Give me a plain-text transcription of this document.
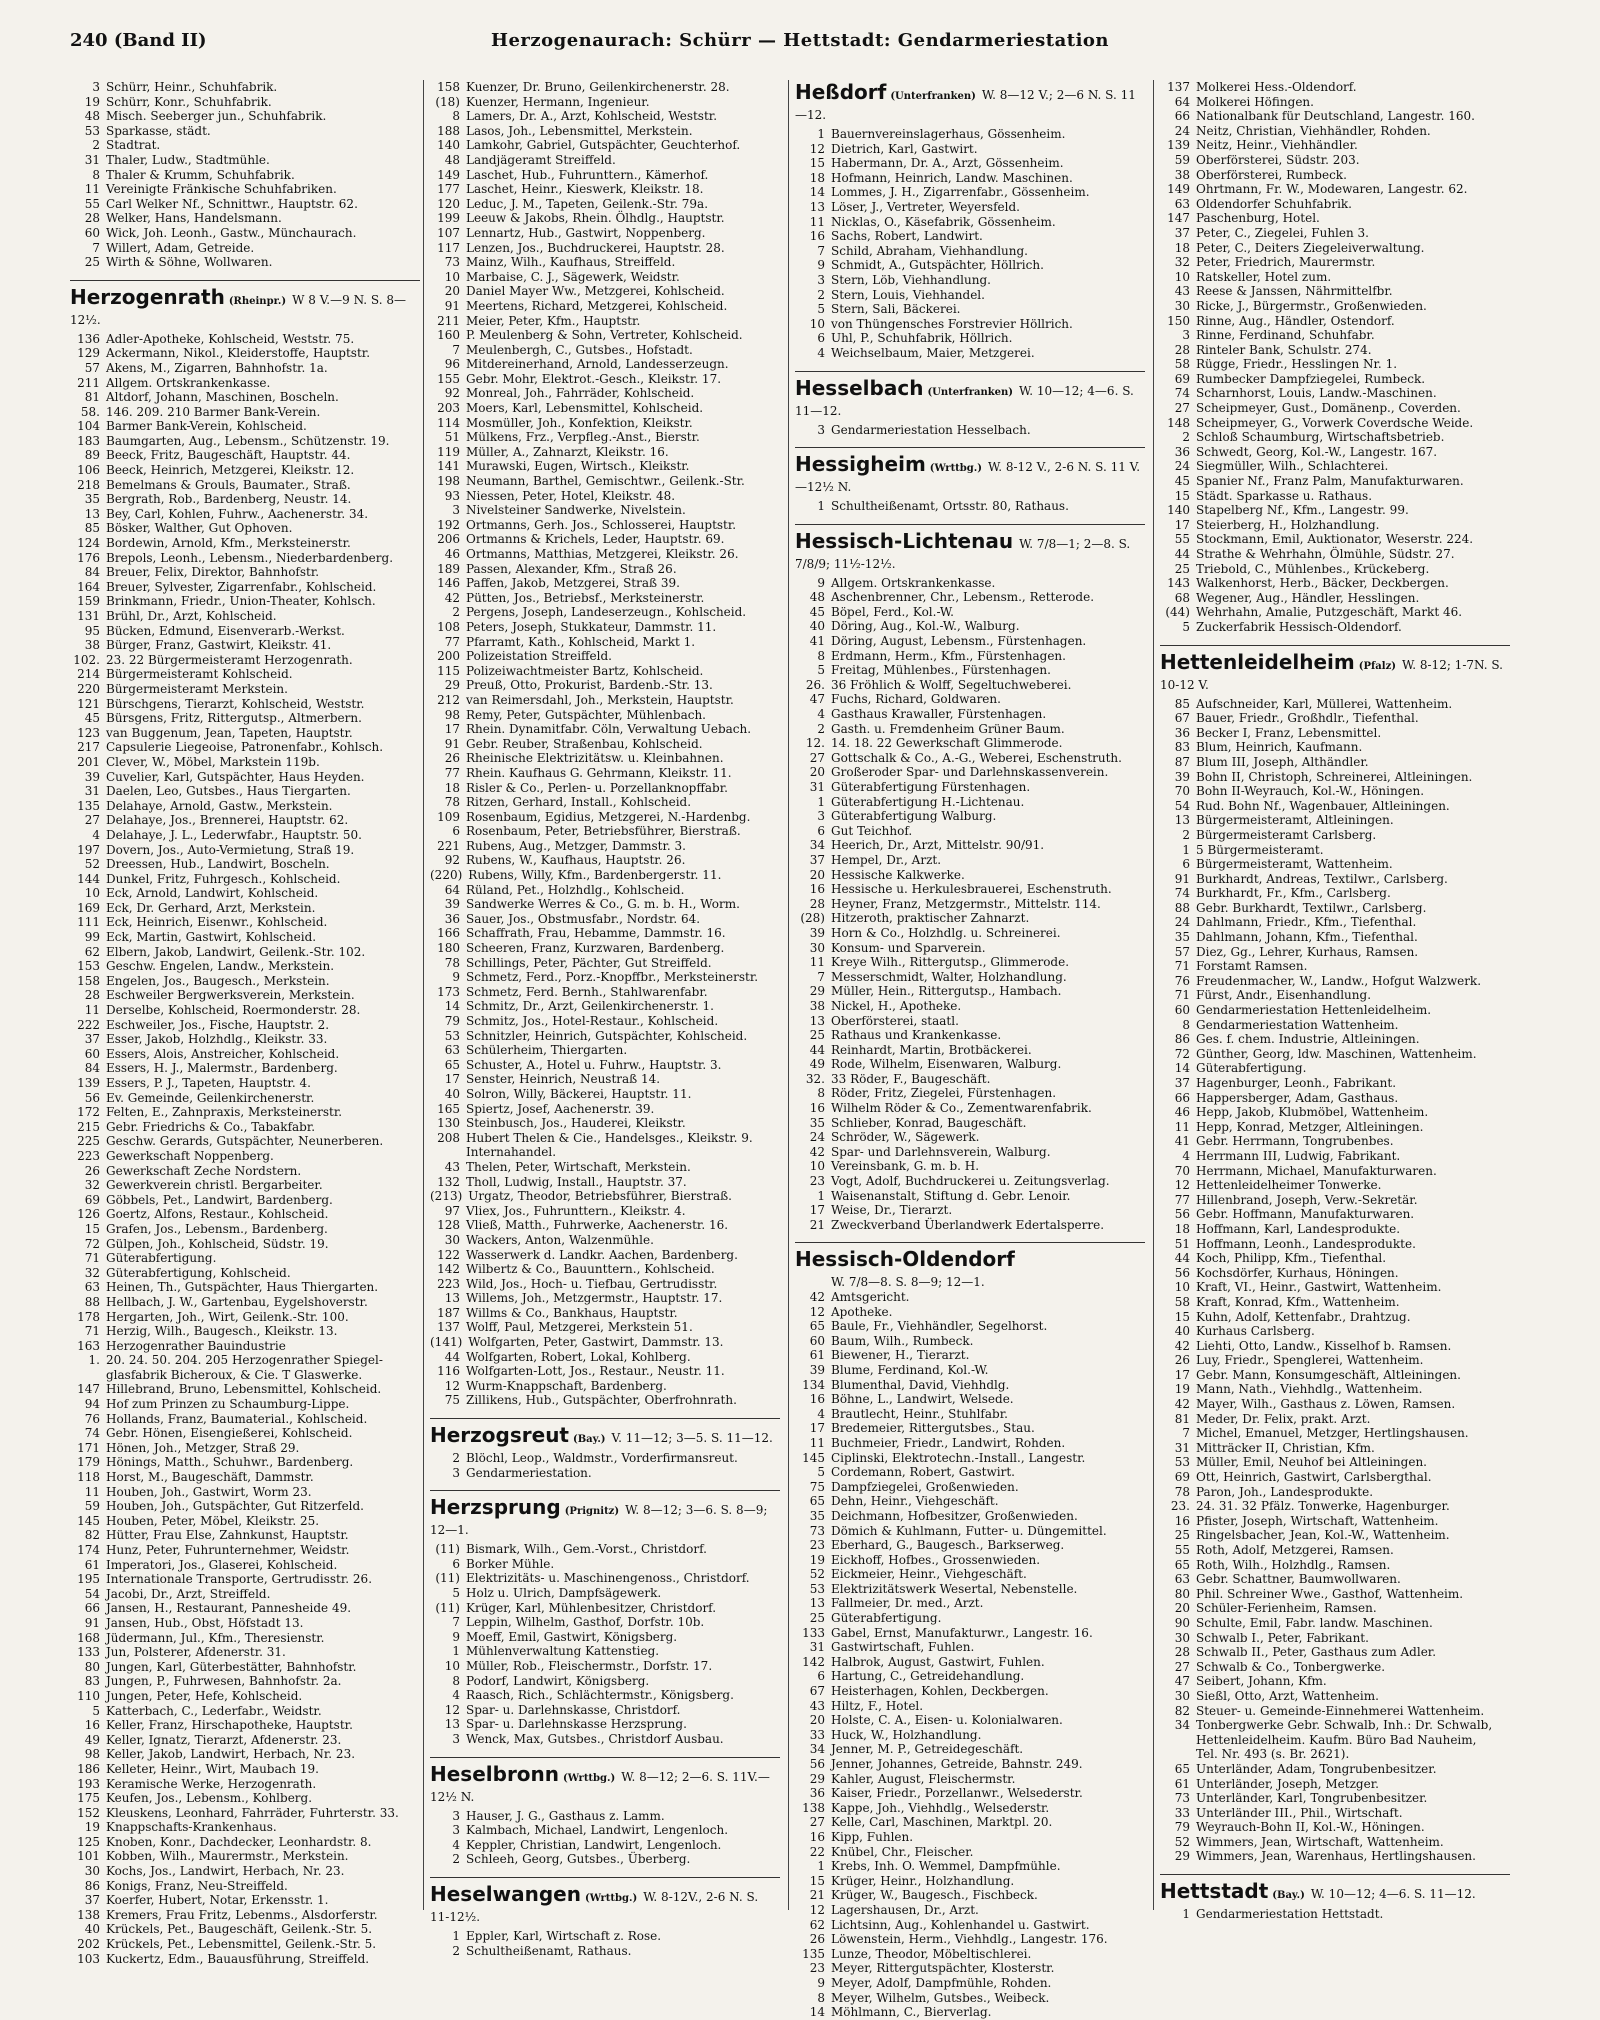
240 (Band II)	Herzogenaurach: Schürr — Hettstadt: Gendarmeriestation
3 Schürr, Heinr., Schuhfabrik.
19 Schürr, Konr., Schuhfabrik.
48 Misch. Seeberger jun., Schuhfabrik.
53 Sparkasse, städt.
2 Stadtrat.
31 Thaler, Ludw., Stadtmühle.
8 Thaler & Krumm, Schuhfabrik.
11 Vereinigte Fränkische Schuhfabriken.
55 Carl Welker Nf., Schnittwr., Hauptstr. 62.
28 Welker, Hans, Handelsmann.
60 Wick, Joh. Leonh., Gastw., Münchaurach.
7 Willert, Adam, Getreide.
25 Wirth & Söhne, Wollwaren.
Herzogenrath (Rheinpr.) W 8 V.—9 N. S. 8—12½.
136 Adler-Apotheke, Kohlscheid, Weststr. 75.
129 Ackermann, Nikol., Kleiderstoffe, Hauptstr.
57 Akens, M., Zigarren, Bahnhofstr. 1a.
211 Allgem. Ortskrankenkasse.
81 Altdorf, Johann, Maschinen, Boscheln.
58. 146. 209. 210 Barmer Bank-Verein.
104 Barmer Bank-Verein, Kohlscheid.
183 Baumgarten, Aug., Lebensm., Schützenstr. 19.
89 Beeck, Fritz, Baugeschäft, Hauptstr. 44.
106 Beeck, Heinrich, Metzgerei, Kleikstr. 12.
218 Bemelmans & Grouls, Baumater., Straß.
35 Bergrath, Rob., Bardenberg, Neustr. 14.
13 Bey, Carl, Kohlen, Fuhrw., Aachenerstr. 34.
85 Bösker, Walther, Gut Ophoven.
124 Bordewin, Arnold, Kfm., Merksteinerstr.
176 Brepols, Leonh., Lebensm., Niederbardenberg.
84 Breuer, Felix, Direktor, Bahnhofstr.
164 Breuer, Sylvester, Zigarrenfabr., Kohlscheid.
159 Brinkmann, Friedr., Union-Theater, Kohlsch.
131 Brühl, Dr., Arzt, Kohlscheid.
95 Bücken, Edmund, Eisenverarb.-Werkst.
38 Bürger, Franz, Gastwirt, Kleikstr. 41.
102. 23. 22 Bürgermeisteramt Herzogenrath.
214 Bürgermeisteramt Kohlscheid.
220 Bürgermeisteramt Merkstein.
121 Bürschgens, Tierarzt, Kohlscheid, Weststr.
45 Bürsgens, Fritz, Rittergutsp., Altmerbern.
123 van Buggenum, Jean, Tapeten, Hauptstr.
217 Capsulerie Liegeoise, Patronenfabr., Kohlsch.
201 Clever, W., Möbel, Markstein 119b.
39 Cuvelier, Karl, Gutspächter, Haus Heyden.
31 Daelen, Leo, Gutsbes., Haus Tiergarten.
135 Delahaye, Arnold, Gastw., Merkstein.
27 Delahaye, Jos., Brennerei, Hauptstr. 62.
4 Delahaye, J. L., Lederwfabr., Hauptstr. 50.
197 Dovern, Jos., Auto-Vermietung, Straß 19.
52 Dreessen, Hub., Landwirt, Boscheln.
144 Dunkel, Fritz, Fuhrgesch., Kohlscheid.
10 Eck, Arnold, Landwirt, Kohlscheid.
169 Eck, Dr. Gerhard, Arzt, Merkstein.
111 Eck, Heinrich, Eisenwr., Kohlscheid.
99 Eck, Martin, Gastwirt, Kohlscheid.
62 Elbern, Jakob, Landwirt, Geilenk.-Str. 102.
153 Geschw. Engelen, Landw., Merkstein.
158 Engelen, Jos., Baugesch., Merkstein.
28 Eschweiler Bergwerksverein, Merkstein.
11 Derselbe, Kohlscheid, Roermonderstr. 28.
222 Eschweiler, Jos., Fische, Hauptstr. 2.
37 Esser, Jakob, Holzhdlg., Kleikstr. 33.
60 Essers, Alois, Anstreicher, Kohlscheid.
84 Essers, H. J., Malermstr., Bardenberg.
139 Essers, P. J., Tapeten, Hauptstr. 4.
56 Ev. Gemeinde, Geilenkirchenerstr.
172 Felten, E., Zahnpraxis, Merksteinerstr.
215 Gebr. Friedrichs & Co., Tabakfabr.
225 Geschw. Gerards, Gutspächter, Neunerberen.
223 Gewerkschaft Noppenberg.
26 Gewerkschaft Zeche Nordstern.
32 Gewerkverein christl. Bergarbeiter.
69 Göbbels, Pet., Landwirt, Bardenberg.
126 Goertz, Alfons, Restaur., Kohlscheid.
15 Grafen, Jos., Lebensm., Bardenberg.
72 Gülpen, Joh., Kohlscheid, Südstr. 19.
71 Güterabfertigung.
32 Güterabfertigung, Kohlscheid.
63 Heinen, Th., Gutspächter, Haus Thiergarten.
88 Hellbach, J. W., Gartenbau, Eygelshoverstr.
178 Hergarten, Joh., Wirt, Geilenk.-Str. 100.
71 Herzig, Wilh., Baugesch., Kleikstr. 13.
163 Herzogenrather Bauindustrie
1. 20. 24. 50. 204. 205 Herzogenrather Spiegel-
glasfabrik Bicheroux, & Cie. T Glaswerke.
147 Hillebrand, Bruno, Lebensmittel, Kohlscheid.
94 Hof zum Prinzen zu Schaumburg-Lippe.
76 Hollands, Franz, Baumaterial., Kohlscheid.
74 Gebr. Hönen, Eisengießerei, Kohlscheid.
171 Hönen, Joh., Metzger, Straß 29.
179 Hönings, Matth., Schuhwr., Bardenberg.
118 Horst, M., Baugeschäft, Dammstr.
11 Houben, Joh., Gastwirt, Worm 23.
59 Houben, Joh., Gutspächter, Gut Ritzerfeld.
145 Houben, Peter, Möbel, Kleikstr. 25.
82 Hütter, Frau Else, Zahnkunst, Hauptstr.
174 Hunz, Peter, Fuhrunternehmer, Weidstr.
61 Imperatori, Jos., Glaserei, Kohlscheid.
195 Internationale Transporte, Gertrudisstr. 26.
54 Jacobi, Dr., Arzt, Streiffeld.
66 Jansen, H., Restaurant, Pannesheide 49.
91 Jansen, Hub., Obst, Höfstadt 13.
168 Jüdermann, Jul., Kfm., Theresienstr.
133 Jun, Polsterer, Afdenerstr. 31.
80 Jungen, Karl, Güterbestätter, Bahnhofstr.
83 Jungen, P., Fuhrwesen, Bahnhofstr. 2a.
110 Jungen, Peter, Hefe, Kohlscheid.
5 Katterbach, C., Lederfabr., Weidstr.
16 Keller, Franz, Hirschapotheke, Hauptstr.
49 Keller, Ignatz, Tierarzt, Afdenerstr. 23.
98 Keller, Jakob, Landwirt, Herbach, Nr. 23.
186 Kelleter, Heinr., Wirt, Maubach 19.
193 Keramische Werke, Herzogenrath.
175 Keufen, Jos., Lebensm., Kohlberg.
152 Kleuskens, Leonhard, Fahrräder, Fuhrterstr. 33.
19 Knappschafts-Krankenhaus.
125 Knoben, Konr., Dachdecker, Leonhardstr. 8.
101 Kobben, Wilh., Maurermstr., Merkstein.
30 Kochs, Jos., Landwirt, Herbach, Nr. 23.
86 Konigs, Franz, Neu-Streiffeld.
37 Koerfer, Hubert, Notar, Erkensstr. 1.
138 Kremers, Frau Fritz, Lebenms., Alsdorferstr.
40 Krückels, Pet., Baugeschäft, Geilenk.-Str. 5.
202 Krückels, Pet., Lebensmittel, Geilenk.-Str. 5.
103 Kuckertz, Edm., Bauausführung, Streiffeld.
158 Kuenzer, Dr. Bruno, Geilenkirchenerstr. 28.
(18) Kuenzer, Hermann, Ingenieur.
8 Lamers, Dr. A., Arzt, Kohlscheid, Weststr.
188 Lasos, Joh., Lebensmittel, Merkstein.
140 Lamkohr, Gabriel, Gutspächter, Geuchterhof.
48 Landjägeramt Streiffeld.
149 Laschet, Hub., Fuhrunttern., Kämerhof.
177 Laschet, Heinr., Kieswerk, Kleikstr. 18.
120 Leduc, J. M., Tapeten, Geilenk.-Str. 79a.
199 Leeuw & Jakobs, Rhein. Ölhdlg., Hauptstr.
107 Lennartz, Hub., Gastwirt, Noppenberg.
117 Lenzen, Jos., Buchdruckerei, Hauptstr. 28.
73 Mainz, Wilh., Kaufhaus, Streiffeld.
10 Marbaise, C. J., Sägewerk, Weidstr.
20 Daniel Mayer Ww., Metzgerei, Kohlscheid.
91 Meertens, Richard, Metzgerei, Kohlscheid.
211 Meier, Peter, Kfm., Hauptstr.
160 P. Meulenberg & Sohn, Vertreter, Kohlscheid.
7 Meulenbergh, C., Gutsbes., Hofstadt.
96 Mitdereinerhand, Arnold, Landesserzeugn.
155 Gebr. Mohr, Elektrot.-Gesch., Kleikstr. 17.
92 Monreal, Joh., Fahrräder, Kohlscheid.
203 Moers, Karl, Lebensmittel, Kohlscheid.
114 Mosmüller, Joh., Konfektion, Kleikstr.
51 Mülkens, Frz., Verpfleg.-Anst., Bierstr.
119 Müller, A., Zahnarzt, Kleikstr. 16.
141 Murawski, Eugen, Wirtsch., Kleikstr.
198 Neumann, Barthel, Gemischtwr., Geilenk.-Str.
93 Niessen, Peter, Hotel, Kleikstr. 48.
3 Nivelsteiner Sandwerke, Nivelstein.
192 Ortmanns, Gerh. Jos., Schlosserei, Hauptstr.
206 Ortmanns & Krichels, Leder, Hauptstr. 69.
46 Ortmanns, Matthias, Metzgerei, Kleikstr. 26.
189 Passen, Alexander, Kfm., Straß 26.
146 Paffen, Jakob, Metzgerei, Straß 39.
42 Pütten, Jos., Betriebsf., Merksteinerstr.
2 Pergens, Joseph, Landeserzeugn., Kohlscheid.
108 Peters, Joseph, Stukkateur, Dammstr. 11.
77 Pfarramt, Kath., Kohlscheid, Markt 1.
200 Polizeistation Streiffeld.
115 Polizeiwachtmeister Bartz, Kohlscheid.
29 Preuß, Otto, Prokurist, Bardenb.-Str. 13.
212 van Reimersdahl, Joh., Merkstein, Hauptstr.
98 Remy, Peter, Gutspächter, Mühlenbach.
17 Rhein. Dynamitfabr. Cöln, Verwaltung Uebach.
91 Gebr. Reuber, Straßenbau, Kohlscheid.
26 Rheinische Elektrizitätsw. u. Kleinbahnen.
77 Rhein. Kaufhaus G. Gehrmann, Kleikstr. 11.
18 Risler & Co., Perlen- u. Porzellanknopffabr.
78 Ritzen, Gerhard, Install., Kohlscheid.
109 Rosenbaum, Egidius, Metzgerei, N.-Hardenbg.
6 Rosenbaum, Peter, Betriebsführer, Bierstraß.
221 Rubens, Aug., Metzger, Dammstr. 3.
92 Rubens, W., Kaufhaus, Hauptstr. 26.
(220) Rubens, Willy, Kfm., Bardenbergerstr. 11.
64 Rüland, Pet., Holzhdlg., Kohlscheid.
39 Sandwerke Werres & Co., G. m. b. H., Worm.
36 Sauer, Jos., Obstmusfabr., Nordstr. 64.
166 Schaffrath, Frau, Hebamme, Dammstr. 16.
180 Scheeren, Franz, Kurzwaren, Bardenberg.
78 Schillings, Peter, Pächter, Gut Streiffeld.
9 Schmetz, Ferd., Porz.-Knopffbr., Merksteinerstr.
173 Schmetz, Ferd. Bernh., Stahlwarenfabr.
14 Schmitz, Dr., Arzt, Geilenkirchenerstr. 1.
79 Schmitz, Jos., Hotel-Restaur., Kohlscheid.
53 Schnitzler, Heinrich, Gutspächter, Kohlscheid.
63 Schülerheim, Thiergarten.
65 Schuster, A., Hotel u. Fuhrw., Hauptstr. 3.
17 Senster, Heinrich, Neustraß 14.
40 Solron, Willy, Bäckerei, Hauptstr. 11.
165 Spiertz, Josef, Aachenerstr. 39.
130 Steinbusch, Jos., Hauderei, Kleikstr.
208 Hubert Thelen & Cie., Handelsges., Kleikstr. 9.
Internahandel.
43 Thelen, Peter, Wirtschaft, Merkstein.
132 Tholl, Ludwig, Install., Hauptstr. 37.
(213) Urgatz, Theodor, Betriebsführer, Bierstraß.
97 Vliex, Jos., Fuhrunttern., Kleikstr. 4.
128 Vließ, Matth., Fuhrwerke, Aachenerstr. 16.
30 Wackers, Anton, Walzenmühle.
122 Wasserwerk d. Landkr. Aachen, Bardenberg.
142 Wilbertz & Co., Bauunttern., Kohlscheid.
223 Wild, Jos., Hoch- u. Tiefbau, Gertrudisstr.
13 Willems, Joh., Metzgermstr., Hauptstr. 17.
187 Willms & Co., Bankhaus, Hauptstr.
137 Wolff, Paul, Metzgerei, Merkstein 51.
(141) Wolfgarten, Peter, Gastwirt, Dammstr. 13.
44 Wolfgarten, Robert, Lokal, Kohlberg.
116 Wolfgarten-Lott, Jos., Restaur., Neustr. 11.
12 Wurm-Knappschaft, Bardenberg.
75 Zillikens, Hub., Gutspächter, Oberfrohnrath.
Herzogsreut (Bay.) V. 11—12; 3—5. S. 11—12.
2 Blöchl, Leop., Waldmstr., Vorderfirmansreut.
3 Gendarmeriestation.
Herzsprung (Prignitz) W. 8—12; 3—6. S. 8—9; 12—1.
(11) Bismark, Wilh., Gem.-Vorst., Christdorf.
6 Borker Mühle.
(11) Elektrizitäts- u. Maschinengenoss., Christdorf.
5 Holz u. Ulrich, Dampfsägewerk.
(11) Krüger, Karl, Mühlenbesitzer, Christdorf.
7 Leppin, Wilhelm, Gasthof, Dorfstr. 10b.
9 Moeff, Emil, Gastwirt, Königsberg.
1 Mühlenverwaltung Kattenstieg.
10 Müller, Rob., Fleischermstr., Dorfstr. 17.
8 Podorf, Landwirt, Königsberg.
4 Raasch, Rich., Schlächtermstr., Königsberg.
12 Spar- u. Darlehnskasse, Christdorf.
13 Spar- u. Darlehnskasse Herzsprung.
3 Wenck, Max, Gutsbes., Christdorf Ausbau.
Heselbronn (Wrttbg.) W. 8—12; 2—6. S. 11V.—12½ N.
3 Hauser, J. G., Gasthaus z. Lamm.
3 Kalmbach, Michael, Landwirt, Lengenloch.
4 Keppler, Christian, Landwirt, Lengenloch.
2 Schleeh, Georg, Gutsbes., Überberg.
Heselwangen (Wrttbg.) W. 8-12V., 2-6 N. S. 11-12½.
1 Eppler, Karl, Wirtschaft z. Rose.
2 Schultheißenamt, Rathaus.
Heßdorf (Unterfranken) W. 8—12 V.; 2—6 N. S. 11—12.
1 Bauernvereinslagerhaus, Gössenheim.
12 Dietrich, Karl, Gastwirt.
15 Habermann, Dr. A., Arzt, Gössenheim.
18 Hofmann, Heinrich, Landw. Maschinen.
14 Lommes, J. H., Zigarrenfabr., Gössenheim.
13 Löser, J., Vertreter, Weyersfeld.
11 Nicklas, O., Käsefabrik, Gössenheim.
16 Sachs, Robert, Landwirt.
7 Schild, Abraham, Viehhandlung.
9 Schmidt, A., Gutspächter, Höllrich.
3 Stern, Löb, Viehhandlung.
2 Stern, Louis, Viehhandel.
5 Stern, Sali, Bäckerei.
10 von Thüngensches Forstrevier Höllrich.
6 Uhl, P., Schuhfabrik, Höllrich.
4 Weichselbaum, Maier, Metzgerei.
Hesselbach (Unterfranken) W. 10—12; 4—6. S. 11—12.
3 Gendarmeriestation Hesselbach.
Hessigheim (Wrttbg.) W. 8-12 V., 2-6 N. S. 11 V.—12½ N.
1 Schultheißenamt, Ortsstr. 80, Rathaus.
Hessisch-Lichtenau W. 7/8—1; 2—8. S. 7/8/9; 11½-12½.
9 Allgem. Ortskrankenkasse.
48 Aschenbrenner, Chr., Lebensm., Retterode.
45 Böpel, Ferd., Kol.-W.
40 Döring, Aug., Kol.-W., Walburg.
41 Döring, August, Lebensm., Fürstenhagen.
8 Erdmann, Herm., Kfm., Fürstenhagen.
5 Freitag, Mühlenbes., Fürstenhagen.
26. 36 Fröhlich & Wolff, Segeltuchweberei.
47 Fuchs, Richard, Goldwaren.
4 Gasthaus Krawaller, Fürstenhagen.
2 Gasth. u. Fremdenheim Grüner Baum.
12. 14. 18. 22 Gewerkschaft Glimmerode.
27 Gottschalk & Co., A.-G., Weberei, Eschenstruth.
20 Großeroder Spar- und Darlehnskassenverein.
31 Güterabfertigung Fürstenhagen.
1 Güterabfertigung H.-Lichtenau.
3 Güterabfertigung Walburg.
6 Gut Teichhof.
34 Heerich, Dr., Arzt, Mittelstr. 90/91.
37 Hempel, Dr., Arzt.
20 Hessische Kalkwerke.
16 Hessische u. Herkulesbrauerei, Eschenstruth.
28 Heyner, Franz, Metzgermstr., Mittelstr. 114.
(28) Hitzeroth, praktischer Zahnarzt.
39 Horn & Co., Holzhdlg. u. Schreinerei.
30 Konsum- und Sparverein.
11 Kreye Wilh., Rittergutsp., Glimmerode.
7 Messerschmidt, Walter, Holzhandlung.
29 Müller, Hein., Rittergutsp., Hambach.
38 Nickel, H., Apotheke.
13 Oberförsterei, staatl.
25 Rathaus und Krankenkasse.
44 Reinhardt, Martin, Brotbäckerei.
49 Rode, Wilhelm, Eisenwaren, Walburg.
32. 33 Röder, F., Baugeschäft.
8 Röder, Fritz, Ziegelei, Fürstenhagen.
16 Wilhelm Röder & Co., Zementwarenfabrik.
35 Schlieber, Konrad, Baugeschäft.
24 Schröder, W., Sägewerk.
42 Spar- und Darlehnsverein, Walburg.
10 Vereinsbank, G. m. b. H.
23 Vogt, Adolf, Buchdruckerei u. Zeitungsverlag.
1 Waisenanstalt, Stiftung d. Gebr. Lenoir.
17 Weise, Dr., Tierarzt.
21 Zweckverband Überlandwerk Edertalsperre.
Hessisch-Oldendorf
W. 7/8—8. S. 8—9; 12—1.
42 Amtsgericht.
12 Apotheke.
65 Baule, Fr., Viehhändler, Segelhorst.
60 Baum, Wilh., Rumbeck.
61 Biewener, H., Tierarzt.
39 Blume, Ferdinand, Kol.-W.
134 Blumenthal, David, Viehhdlg.
16 Böhne, L., Landwirt, Welsede.
4 Brautlecht, Heinr., Stuhlfabr.
17 Bredemeier, Rittergutsbes., Stau.
11 Buchmeier, Friedr., Landwirt, Rohden.
145 Ciplinski, Elektrotechn.-Install., Langestr.
5 Cordemann, Robert, Gastwirt.
75 Dampfziegelei, Großenwieden.
65 Dehn, Heinr., Viehgeschäft.
35 Deichmann, Hofbesitzer, Großenwieden.
73 Dömich & Kuhlmann, Futter- u. Düngemittel.
23 Eberhard, G., Baugesch., Barkserweg.
19 Eickhoff, Hofbes., Grossenwieden.
52 Eickmeier, Heinr., Viehgeschäft.
53 Elektrizitätswerk Wesertal, Nebenstelle.
13 Fallmeier, Dr. med., Arzt.
25 Güterabfertigung.
133 Gabel, Ernst, Manufakturwr., Langestr. 16.
31 Gastwirtschaft, Fuhlen.
142 Halbrok, August, Gastwirt, Fuhlen.
6 Hartung, C., Getreidehandlung.
67 Heisterhagen, Kohlen, Deckbergen.
43 Hiltz, F., Hotel.
20 Holste, C. A., Eisen- u. Kolonialwaren.
33 Huck, W., Holzhandlung.
34 Jenner, M. P., Getreidegeschäft.
56 Jenner, Johannes, Getreide, Bahnstr. 249.
29 Kahler, August, Fleischermstr.
36 Kaiser, Friedr., Porzellanwr., Welsederstr.
138 Kappe, Joh., Viehhdlg., Welsederstr.
27 Kelle, Carl, Maschinen, Marktpl. 20.
16 Kipp, Fuhlen.
22 Knübel, Chr., Fleischer.
1 Krebs, Inh. O. Wemmel, Dampfmühle.
15 Krüger, Heinr., Holzhandlung.
21 Krüger, W., Baugesch., Fischbeck.
12 Lagershausen, Dr., Arzt.
62 Lichtsinn, Aug., Kohlenhandel u. Gastwirt.
26 Löwenstein, Herm., Viehhdlg., Langestr. 176.
135 Lunze, Theodor, Möbeltischlerei.
23 Meyer, Rittergutspächter, Klosterstr.
9 Meyer, Adolf, Dampfmühle, Rohden.
8 Meyer, Wilhelm, Gutsbes., Weibeck.
14 Möhlmann, C., Bierverlag.
137 Molkerei Hess.-Oldendorf.
64 Molkerei Höfingen.
66 Nationalbank für Deutschland, Langestr. 160.
24 Neitz, Christian, Viehhändler, Rohden.
139 Neitz, Heinr., Viehhändler.
59 Oberförsterei, Südstr. 203.
38 Oberförsterei, Rumbeck.
149 Ohrtmann, Fr. W., Modewaren, Langestr. 62.
63 Oldendorfer Schuhfabrik.
147 Paschenburg, Hotel.
37 Peter, C., Ziegelei, Fuhlen 3.
18 Peter, C., Deiters Ziegeleiverwaltung.
32 Peter, Friedrich, Maurermstr.
10 Ratskeller, Hotel zum.
43 Reese & Janssen, Nährmittelfbr.
30 Ricke, J., Bürgermstr., Großenwieden.
150 Rinne, Aug., Händler, Ostendorf.
3 Rinne, Ferdinand, Schuhfabr.
28 Rinteler Bank, Schulstr. 274.
58 Rügge, Friedr., Hesslingen Nr. 1.
69 Rumbecker Dampfziegelei, Rumbeck.
74 Scharnhorst, Louis, Landw.-Maschinen.
27 Scheipmeyer, Gust., Domänenp., Coverden.
148 Scheipmeyer, G., Vorwerk Coverdsche Weide.
2 Schloß Schaumburg, Wirtschaftsbetrieb.
36 Schwedt, Georg, Kol.-W., Langestr. 167.
24 Siegmüller, Wilh., Schlachterei.
45 Spanier Nf., Franz Palm, Manufakturwaren.
15 Städt. Sparkasse u. Rathaus.
140 Stapelberg Nf., Kfm., Langestr. 99.
17 Steierberg, H., Holzhandlung.
55 Stockmann, Emil, Auktionator, Weserstr. 224.
44 Strathe & Wehrhahn, Ölmühle, Südstr. 27.
25 Triebold, C., Mühlenbes., Krückeberg.
143 Walkenhorst, Herb., Bäcker, Deckbergen.
68 Wegener, Aug., Händler, Hesslingen.
(44) Wehrhahn, Amalie, Putzgeschäft, Markt 46.
5 Zuckerfabrik Hessisch-Oldendorf.
Hettenleidelheim (Pfalz) W. 8-12; 1-7N. S. 10-12 V.
85 Aufschneider, Karl, Müllerei, Wattenheim.
67 Bauer, Friedr., Großhdlr., Tiefenthal.
36 Becker I, Franz, Lebensmittel.
83 Blum, Heinrich, Kaufmann.
87 Blum III, Joseph, Althändler.
39 Bohn II, Christoph, Schreinerei, Altleiningen.
70 Bohn II-Weyrauch, Kol.-W., Höningen.
54 Rud. Bohn Nf., Wagenbauer, Altleiningen.
13 Bürgermeisteramt, Altleiningen.
2 Bürgermeisteramt Carlsberg.
1 5 Bürgermeisteramt.
6 Bürgermeisteramt, Wattenheim.
91 Burkhardt, Andreas, Textilwr., Carlsberg.
74 Burkhardt, Fr., Kfm., Carlsberg.
88 Gebr. Burkhardt, Textilwr., Carlsberg.
24 Dahlmann, Friedr., Kfm., Tiefenthal.
35 Dahlmann, Johann, Kfm., Tiefenthal.
57 Diez, Gg., Lehrer, Kurhaus, Ramsen.
71 Forstamt Ramsen.
76 Freudenmacher, W., Landw., Hofgut Walzwerk.
71 Fürst, Andr., Eisenhandlung.
60 Gendarmeriestation Hettenleidelheim.
8 Gendarmeriestation Wattenheim.
86 Ges. f. chem. Industrie, Altleiningen.
72 Günther, Georg, ldw. Maschinen, Wattenheim.
14 Güterabfertigung.
37 Hagenburger, Leonh., Fabrikant.
66 Happersberger, Adam, Gasthaus.
46 Hepp, Jakob, Klubmöbel, Wattenheim.
11 Hepp, Konrad, Metzger, Altleiningen.
41 Gebr. Herrmann, Tongrubenbes.
4 Herrmann III, Ludwig, Fabrikant.
70 Herrmann, Michael, Manufakturwaren.
12 Hettenleidelheimer Tonwerke.
77 Hillenbrand, Joseph, Verw.-Sekretär.
56 Gebr. Hoffmann, Manufakturwaren.
18 Hoffmann, Karl, Landesprodukte.
51 Hoffmann, Leonh., Landesprodukte.
44 Koch, Philipp, Kfm., Tiefenthal.
56 Kochsdörfer, Kurhaus, Höningen.
10 Kraft, VI., Heinr., Gastwirt, Wattenheim.
58 Kraft, Konrad, Kfm., Wattenheim.
15 Kuhn, Adolf, Kettenfabr., Drahtzug.
40 Kurhaus Carlsberg.
42 Liehti, Otto, Landw., Kisselhof b. Ramsen.
26 Luy, Friedr., Spenglerei, Wattenheim.
17 Gebr. Mann, Konsumgeschäft, Altleiningen.
19 Mann, Nath., Viehhdlg., Wattenheim.
42 Mayer, Wilh., Gasthaus z. Löwen, Ramsen.
81 Meder, Dr. Felix, prakt. Arzt.
7 Michel, Emanuel, Metzger, Hertlingshausen.
31 Mitträcker II, Christian, Kfm.
53 Müller, Emil, Neuhof bei Altleiningen.
69 Ott, Heinrich, Gastwirt, Carlsbergthal.
78 Paron, Joh., Landesprodukte.
23. 24. 31. 32 Pfälz. Tonwerke, Hagenburger.
16 Pfister, Joseph, Wirtschaft, Wattenheim.
25 Ringelsbacher, Jean, Kol.-W., Wattenheim.
55 Roth, Adolf, Metzgerei, Ramsen.
65 Roth, Wilh., Holzhdlg., Ramsen.
63 Gebr. Schattner, Baumwollwaren.
80 Phil. Schreiner Wwe., Gasthof, Wattenheim.
20 Schüler-Ferienheim, Ramsen.
90 Schulte, Emil, Fabr. landw. Maschinen.
30 Schwalb I., Peter, Fabrikant.
28 Schwalb II., Peter, Gasthaus zum Adler.
27 Schwalb & Co., Tonbergwerke.
47 Seibert, Johann, Kfm.
30 Sießl, Otto, Arzt, Wattenheim.
82 Steuer- u. Gemeinde-Einnehmerei Wattenheim.
34 Tonbergwerke Gebr. Schwalb, Inh.: Dr. Schwalb,
Hettenleidelheim. Kaufm. Büro Bad Nauheim,
Tel. Nr. 493 (s. Br. 2621).
65 Unterländer, Adam, Tongrubenbesitzer.
61 Unterländer, Joseph, Metzger.
73 Unterländer, Karl, Tongrubenbesitzer.
33 Unterländer III., Phil., Wirtschaft.
79 Weyrauch-Bohn II, Kol.-W., Höningen.
52 Wimmers, Jean, Wirtschaft, Wattenheim.
29 Wimmers, Jean, Warenhaus, Hertlingshausen.
Hettstadt (Bay.) W. 10—12; 4—6. S. 11—12.
1 Gendarmeriestation Hettstadt.
